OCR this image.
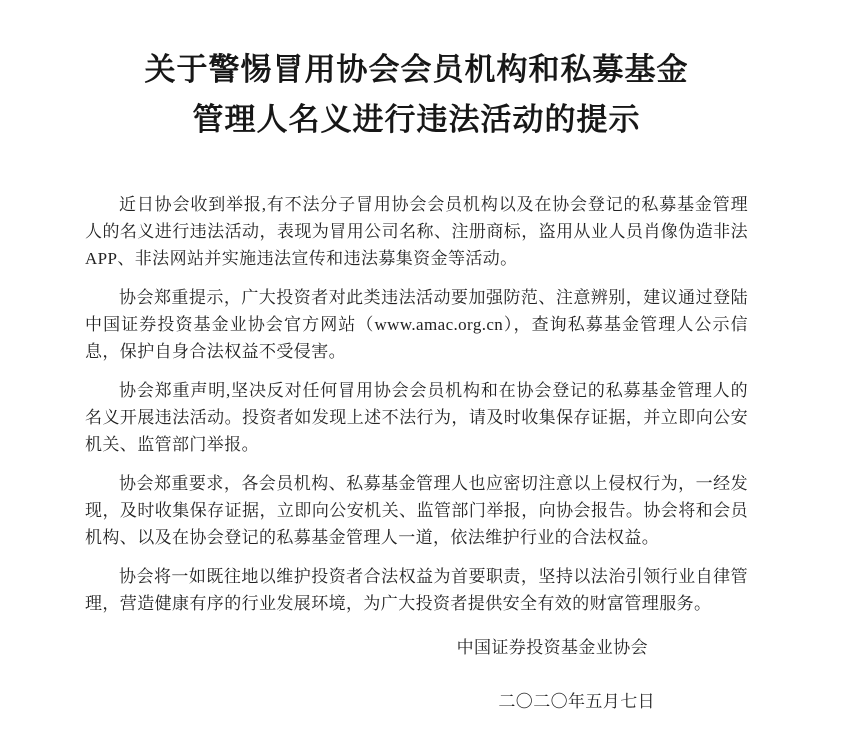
关于警惕冒用协会会员机构和私募基金
管理人名义进行违法活动的提示

近日协会收到举报,有不法分子冒用协会会员机构以及在协会登记的私募基金管理人的名义进行违法活动，表现为冒用公司名称、注册商标，盗用从业人员肖像伪造非法 APP、非法网站并实施违法宣传和违法募集资金等活动。

协会郑重提示，广大投资者对此类违法活动要加强防范、注意辨别，建议通过登陆中国证券投资基金业协会官方网站（www.amac.org.cn），查询私募基金管理人公示信息，保护自身合法权益不受侵害。

协会郑重声明,坚决反对任何冒用协会会员机构和在协会登记的私募基金管理人的名义开展违法活动。投资者如发现上述不法行为，请及时收集保存证据，并立即向公安机关、监管部门举报。

协会郑重要求，各会员机构、私募基金管理人也应密切注意以上侵权行为，一经发现，及时收集保存证据，立即向公安机关、监管部门举报，向协会报告。协会将和会员机构、以及在协会登记的私募基金管理人一道，依法维护行业的合法权益。

协会将一如既往地以维护投资者合法权益为首要职责，坚持以法治引领行业自律管理，营造健康有序的行业发展环境，为广大投资者提供安全有效的财富管理服务。

中国证券投资基金业协会
二〇二〇年五月七日
